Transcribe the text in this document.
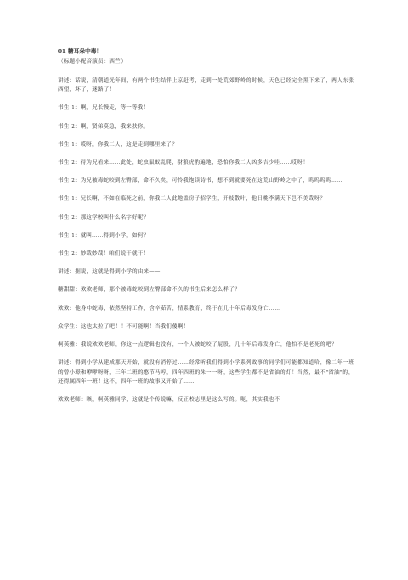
01 糖耳朵中毒！

（标题小配音演员：西竺）

讲述：话说，清朝道光年间，有两个书生结伴上京赶考，走到一处荒郊野岭的时候，天色已经完全黑下来了，两人东张西望，坏了，迷路了！

书生 1：啊，兄长慢走，等一等我！

书生 2：啊，贤弟莫急，我来扶你。

书生 1：哎呀，你我二人，这是走到哪里来了？

书生 2：待为兄看来……此处，蛇虫鼠蚁乱爬，豺狼虎豹遍地，恐怕你我二人凶多吉少哇……哎呀！

书生 2：为兄被毒蛇咬到左臀部，命不久矣，可怜我饱读诗书，想不到就要死在这荒山野岭之中了，呜呜呜呜……

书生 1：兄长啊，不如在临死之前，你我二人此地盖房子招学生，开枝散叶，他日桃李满天下岂不美哉呀？

书生 2：那这学校叫什么名字好呢？

书生 1：就叫……得到小学，如何？

书生 2：妙哉妙哉！咱们说干就干！

讲述：据说，这就是得到小学的由来——

糖甜甜：欢欢老师，那个被毒蛇咬到左臀部命不久的书生后来怎么样了？

欢欢：他身中蛇毒，依然坚持工作，含辛茹苦，情系教育，终于在几十年后毒发身亡……

众学生：这也太拉了吧！！不可能啊！当我们傻啊！

柯英雅：我说欢欢老师，你这一点逻辑也没有，一个人被蛇咬了屁股，几十年后毒发身亡，他怕不是老死的吧？

讲述：得到小学从建成那天开始，就没有消停过……经常听我们得到小学系列故事的同学们可能都知道哈，像二年一班的曾小璟和咿咿呀呀，三年二班的憨节马哼，四年四班的朱一一呀，这些学生都不是省油的灯！当然，最不"省油"的，还得属四年一班！这不，四年一班的故事又开始了……

欢欢老师：咳，柯英雅同学，这就是个传说嘛，反正校志里是这么写的。呃，其实我也不
